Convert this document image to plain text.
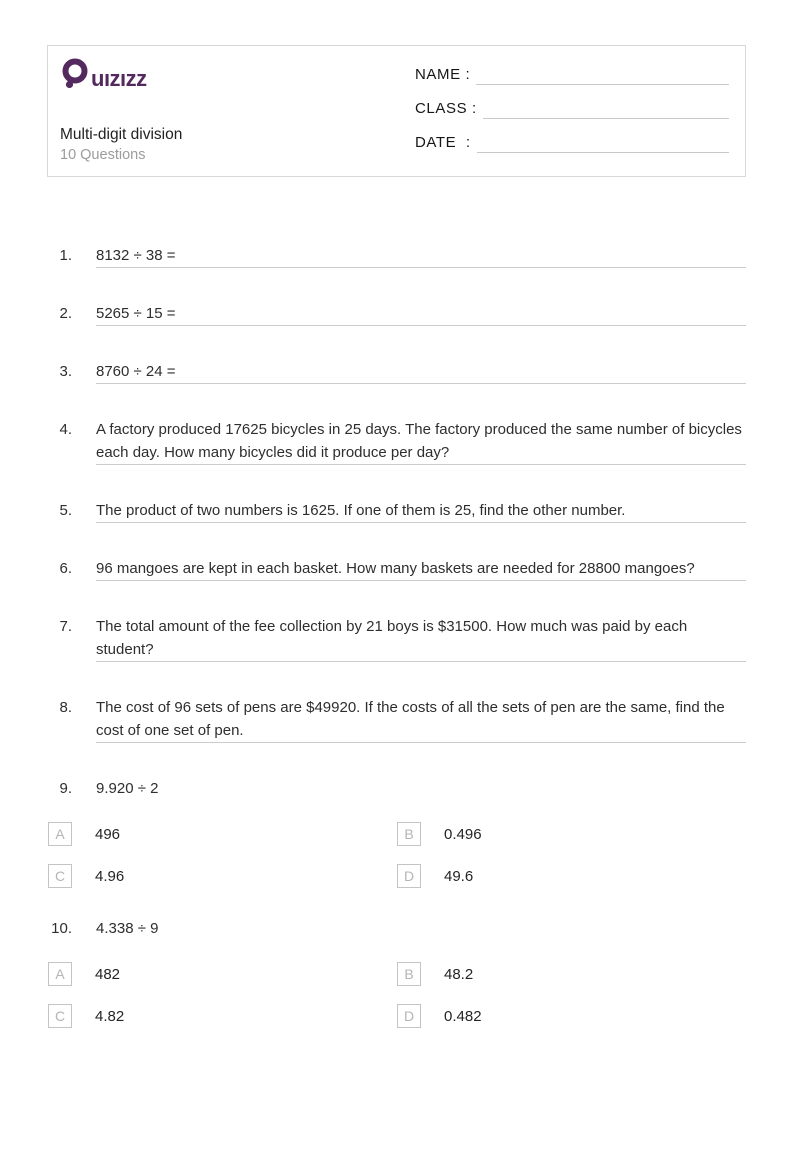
uızızz
Multi-digit division
10 Questions
NAME :
CLASS :
DATE  :
1. 8132 ÷ 38 =
2. 5265 ÷ 15 =
3. 8760 ÷ 24 =
4. A factory produced 17625 bicycles in 25 days. The factory produced the same number of bicycles each day. How many bicycles did it produce per day?
5. The product of two numbers is 1625. If one of them is 25, find the other number.
6. 96 mangoes are kept in each basket. How many baskets are needed for 28800 mangoes?
7. The total amount of the fee collection by 21 boys is $31500. How much was paid by each student?
8. The cost of 96 sets of pens are $49920. If the costs of all the sets of pen are the same, find the cost of one set of pen.
9. 9.920 ÷ 2
A	496	B	0.496
C	4.96	D	49.6
10. 4.338 ÷ 9
A	482	B	48.2
C	4.82	D	0.482
